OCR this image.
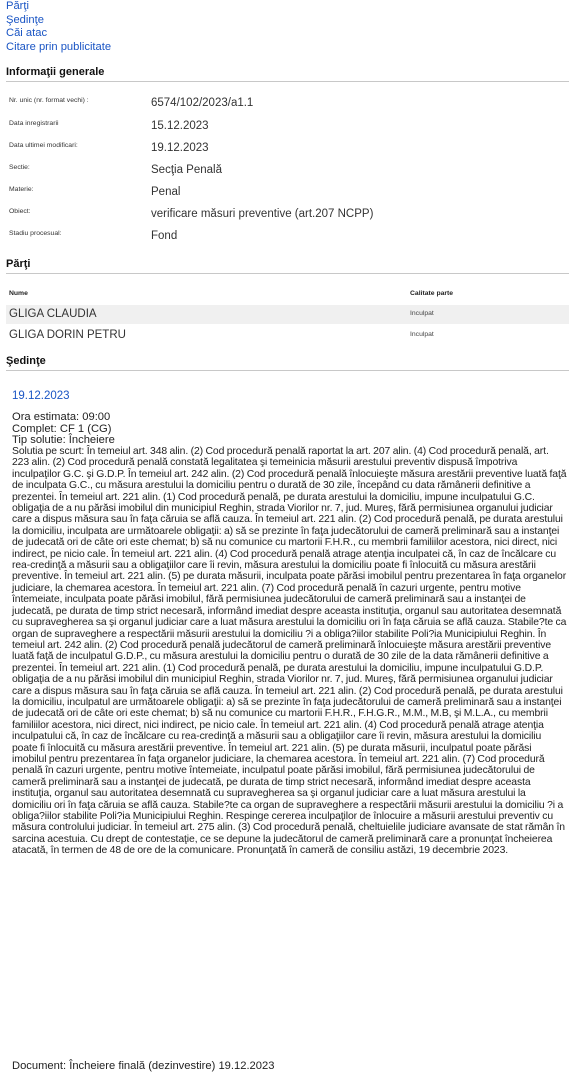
Părţi
Şedinţe
Căi atac
Citare prin publicitate
Informaţii generale
Nr. unic (nr. format vechi) :	6574/102/2023/a1.1
Data inregistrarii	15.12.2023
Data ultimei modificari:	19.12.2023
Sectie:	Secţia Penală
Materie:	Penal
Obiect:	verificare măsuri preventive (art.207 NCPP)
Stadiu procesual:	Fond
Părţi
Nume	Calitate parte
GLIGA CLAUDIA	Inculpat
GLIGA DORIN PETRU	Inculpat
Şedinţe
19.12.2023
Ora estimata: 09:00
Complet: CF 1 (CG)
Tip solutie: Încheiere
Solutia pe scurt: În temeiul art. 348 alin. (2) Cod procedură penală raportat la art. 207 alin. (4) Cod procedură penală, art. 223 alin. (2) Cod procedură penală constată legalitatea şi temeinicia măsurii arestului preventiv dispusă împotriva inculpaţilor G.C. şi G.D.P. În temeiul art. 242 alin. (2) Cod procedură penală înlocuieşte măsura arestării preventive luată faţă de inculpata G.C., cu măsura arestului la domiciliu pentru o durată de 30 zile, începând cu data rămânerii definitive a prezentei. În temeiul art. 221 alin. (1) Cod procedură penală, pe durata arestului la domiciliu, impune inculpatului G.C. obligaţia de a nu părăsi imobilul din municipiul Reghin, strada Viorilor nr. 7, jud. Mureş, fără permisiunea organului judiciar care a dispus măsura sau în faţa căruia se află cauza. În temeiul art. 221 alin. (2) Cod procedură penală, pe durata arestului la domiciliu, inculpata are următoarele obligaţii: a) să se prezinte în faţa judecătorului de cameră preliminară sau a instanţei de judecată ori de câte ori este chemat; b) să nu comunice cu martorii F.H.R., cu membrii familiilor acestora, nici direct, nici indirect, pe nicio cale. În temeiul art. 221 alin. (4) Cod procedură penală atrage atenţia inculpatei că, în caz de încălcare cu rea-credinţă a măsurii sau a obligaţiilor care îi revin, măsura arestului la domiciliu poate fi înlocuită cu măsura arestării preventive. În temeiul art. 221 alin. (5) pe durata măsurii, inculpata poate părăsi imobilul pentru prezentarea în faţa organelor judiciare, la chemarea acestora. În temeiul art. 221 alin. (7) Cod procedură penală în cazuri urgente, pentru motive întemeiate, inculpata poate părăsi imobilul, fără permisiunea judecătorului de cameră preliminară sau a instanţei de judecată, pe durata de timp strict necesară, informând imediat despre aceasta instituţia, organul sau autoritatea desemnată cu supravegherea sa şi organul judiciar care a luat măsura arestului la domiciliu ori în faţa căruia se află cauza. Stabile?te ca organ de supraveghere a respectării măsurii arestului la domiciliu ?i a obliga?iilor stabilite Poli?ia Municipiului Reghin. În temeiul art. 242 alin. (2) Cod procedură penală judecătorul de cameră preliminară înlocuieşte măsura arestării preventive luată faţă de inculpatul G.D.P., cu măsura arestului la domiciliu pentru o durată de 30 zile de la data rămânerii definitive a prezentei. În temeiul art. 221 alin. (1) Cod procedură penală, pe durata arestului la domiciliu, impune inculpatului G.D.P. obligaţia de a nu părăsi imobilul din municipiul Reghin, strada Viorilor nr. 7, jud. Mureş, fără permisiunea organului judiciar care a dispus măsura sau în faţa căruia se află cauza. În temeiul art. 221 alin. (2) Cod procedură penală, pe durata arestului la domiciliu, inculpatul are următoarele obligaţii: a) să se prezinte în faţa judecătorului de cameră preliminară sau a instanţei de judecată ori de câte ori este chemat; b) să nu comunice cu martorii F.H.R., F.H.G.R., M.M., M.B, şi M.L.A., cu membrii familiilor acestora, nici direct, nici indirect, pe nicio cale. În temeiul art. 221 alin. (4) Cod procedură penală atrage atenţia inculpatului că, în caz de încălcare cu rea-credinţă a măsurii sau a obligaţiilor care îi revin, măsura arestului la domiciliu poate fi înlocuită cu măsura arestării preventive. În temeiul art. 221 alin. (5) pe durata măsurii, inculpatul poate părăsi imobilul pentru prezentarea în faţa organelor judiciare, la chemarea acestora. În temeiul art. 221 alin. (7) Cod procedură penală în cazuri urgente, pentru motive întemeiate, inculpatul poate părăsi imobilul, fără permisiunea judecătorului de cameră preliminară sau a instanţei de judecată, pe durata de timp strict necesară, informând imediat despre aceasta instituţia, organul sau autoritatea desemnată cu supravegherea sa şi organul judiciar care a luat măsura arestului la domiciliu ori în faţa căruia se află cauza. Stabile?te ca organ de supraveghere a respectării măsurii arestului la domiciliu ?i a obliga?iilor stabilite Poli?ia Municipiului Reghin. Respinge cererea inculpaţilor de înlocuire a măsurii arestului preventiv cu măsura controlului judiciar. În temeiul art. 275 alin. (3) Cod procedură penală, cheltuielile judiciare avansate de stat rămân în sarcina acestuia. Cu drept de contestaţie, ce se depune la judecătorul de cameră preliminară care a pronunţat încheierea atacată, în termen de 48 de ore de la comunicare. Pronunţată în cameră de consiliu astăzi, 19 decembrie 2023.
Document: Încheiere finală (dezinvestire) 19.12.2023
